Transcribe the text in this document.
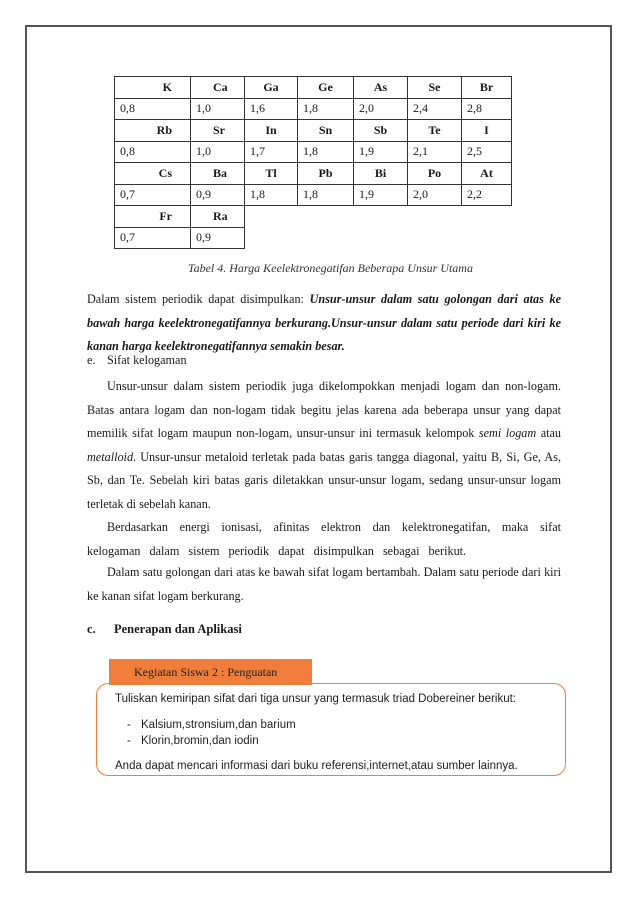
K	Ca	Ga	Ge	As	Se	Br
0,8	1,0	1,6	1,8	2,0	2,4	2,8
Rb	Sr	In	Sn	Sb	Te	I
0,8	1,0	1,7	1,8	1,9	2,1	2,5
Cs	Ba	Tl	Pb	Bi	Po	At
0,7	0,9	1,8	1,8	1,9	2,0	2,2
Fr	Ra					
0,7	0,9					
Tabel 4. Harga Keelektronegatifan Beberapa Unsur Utama
Dalam sistem periodik dapat disimpulkan: Unsur-unsur dalam satu golongan dari atas ke bawah harga keelektronegatifannya berkurang.Unsur-unsur dalam satu periode dari kiri ke kanan harga keelektronegatifannya semakin besar.
e. Sifat kelogaman
Unsur-unsur dalam sistem periodik juga dikelompokkan menjadi logam dan non-logam. Batas antara logam dan non-logam tidak begitu jelas karena ada beberapa unsur yang dapat memilik sifat logam maupun non-logam, unsur-unsur ini termasuk kelompok semi logam atau metalloid. Unsur-unsur metaloid terletak pada batas garis tangga diagonal, yaitu B, Si, Ge, As, Sb, dan Te. Sebelah kiri batas garis diletakkan unsur-unsur logam, sedang unsur-unsur logam terletak di sebelah kanan.
Berdasarkan energi ionisasi, afinitas elektron dan kelektronegatifan, maka sifat kelogaman dalam sistem periodik dapat disimpulkan sebagai berikut.
Dalam satu golongan dari atas ke bawah sifat logam bertambah. Dalam satu periode dari kiri ke kanan sifat logam berkurang.
c. Penerapan dan Aplikasi
Tuliskan kemiripan sifat dari tiga unsur yang termasuk triad Dobereiner berikut:
- Kalsium,stronsium,dan barium
- Klorin,bromin,dan iodin
Anda dapat mencari informasi dari buku referensi,internet,atau sumber lainnya.
Kegiatan Siswa 2 : Penguatan
